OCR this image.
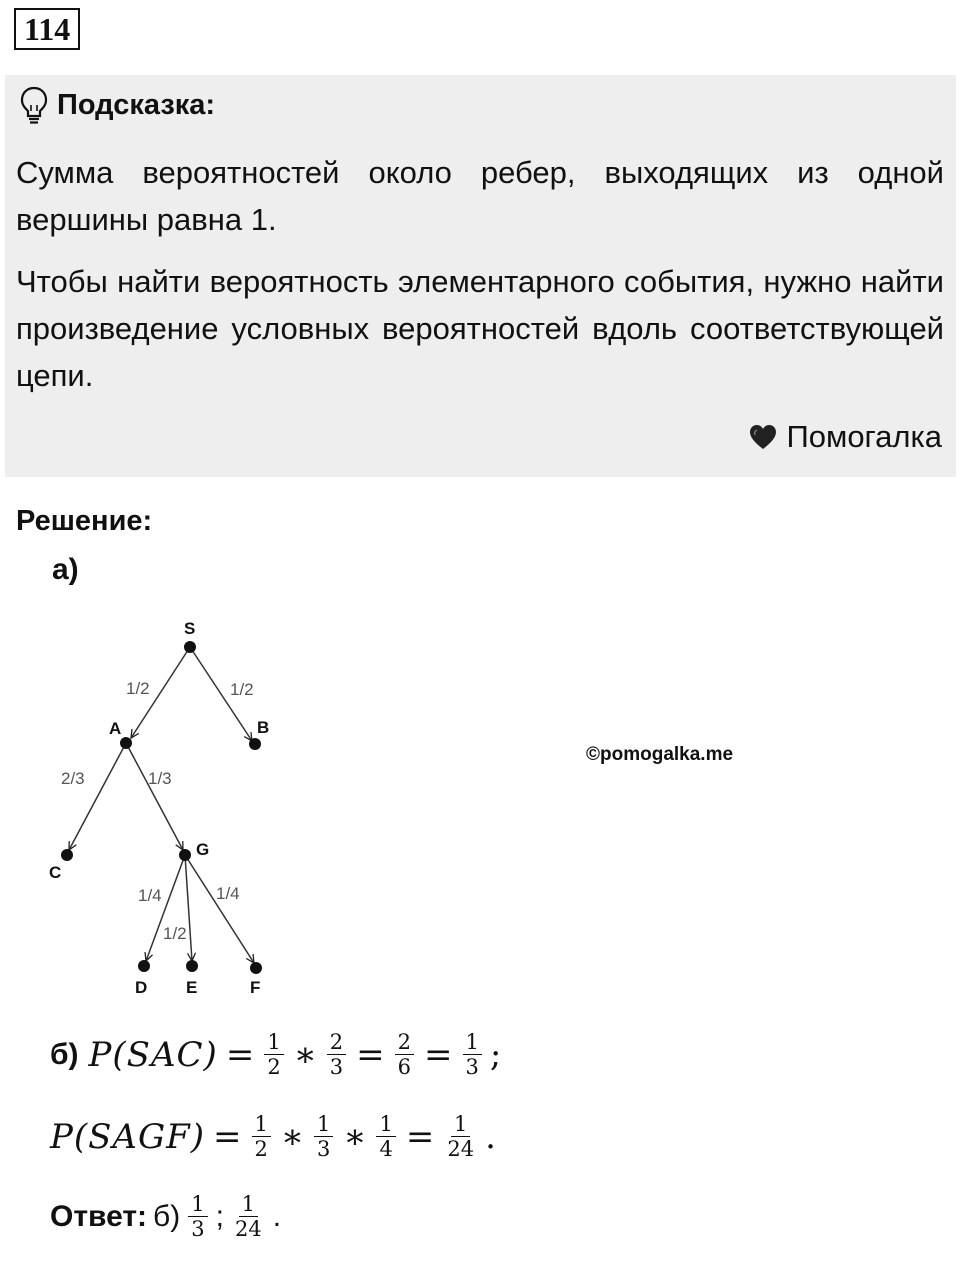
114
Подсказка:
Сумма вероятностей около ребер, выходящих из одной вершины равна 1.
Чтобы найти вероятность элементарного события, нужно найти произведение условных вероятностей вдоль соответствующей цепи.
Помогалка
Решение:
а)
S
A	B
C
G
D E	F
1/2	1/2
2/3	1/3
1/4
1/2
1/4
©pomogalka.me
б) $P(SAC) = \frac{1}{2}$ ∗ $\frac{2}{3} = \frac{2}{6} = \frac{1}{3}$ ;
P(SAGF) = $\frac{1}{2}$ ∗ $\frac{1}{3}$ ∗ $\frac{1}{4} = \frac{1}{24}$ .
Ответ: $б) \frac{1}{3}$ ; $\frac{1}{24}$ .
